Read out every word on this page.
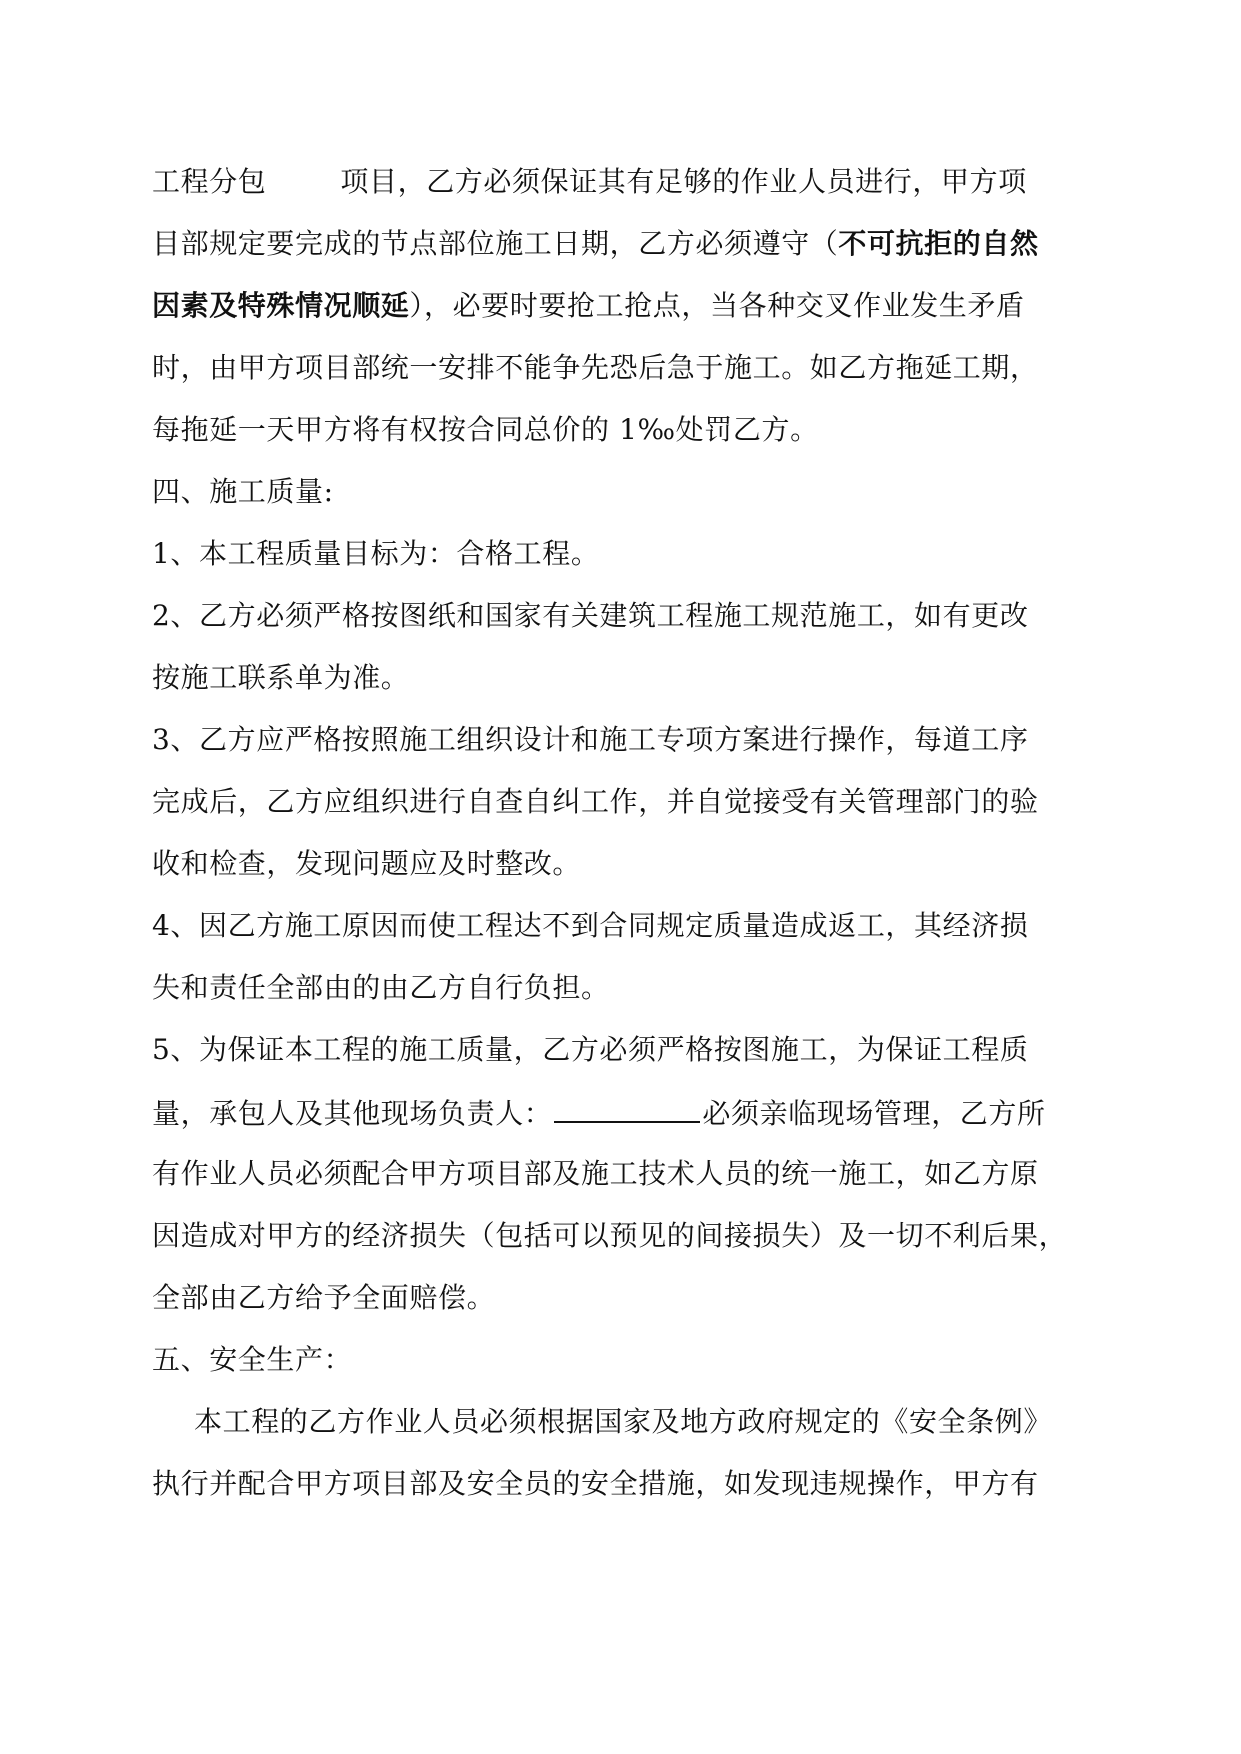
工程分包	项目，乙方必须保证其有足够的作业人员进行，甲方项
目部规定要完成的节点部位施工日期，乙方必须遵守（不可抗拒的自然
因素及特殊情况顺延），必要时要抢工抢点，当各种交叉作业发生矛盾
时，由甲方项目部统一安排不能争先恐后急于施工。如乙方拖延工期，
每拖延一天甲方将有权按合同总价的 1‰处罚乙方。
四、施工质量:
1、本工程质量目标为：合格工程。
2、乙方必须严格按图纸和国家有关建筑工程施工规范施工，如有更改
按施工联系单为准。
3、乙方应严格按照施工组织设计和施工专项方案进行操作，每道工序
完成后，乙方应组织进行自查自纠工作，并自觉接受有关管理部门的验
收和检查，发现问题应及时整改。
4、因乙方施工原因而使工程达不到合同规定质量造成返工，其经济损
失和责任全部由的由乙方自行负担。
5、为保证本工程的施工质量，乙方必须严格按图施工，为保证工程质
量，承包人及其他现场负责人：	必须亲临现场管理，乙方所
有作业人员必须配合甲方项目部及施工技术人员的统一施工，如乙方原
因造成对甲方的经济损失（包括可以预见的间接损失）及一切不利后果，
全部由乙方给予全面赔偿。
五、安全生产：
本工程的乙方作业人员必须根据国家及地方政府规定的《安全条例》
执行并配合甲方项目部及安全员的安全措施，如发现违规操作，甲方有
